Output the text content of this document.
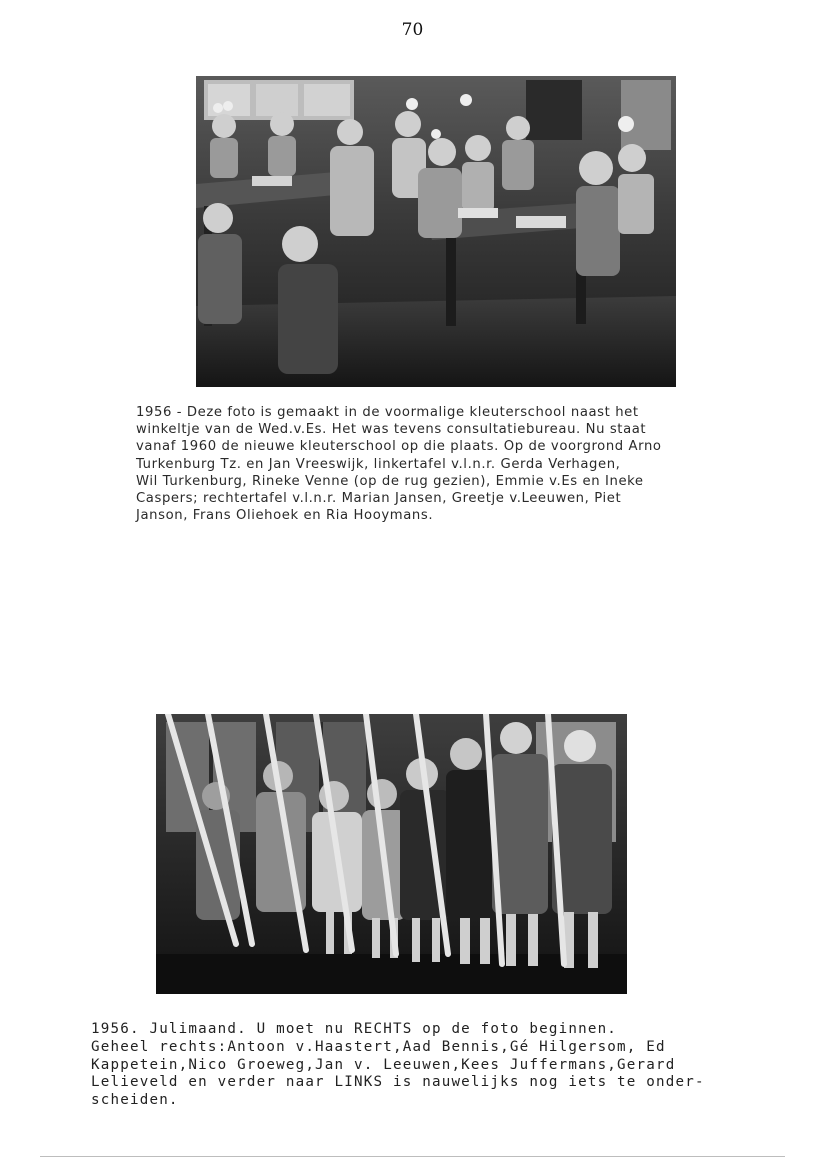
70
1956 - Deze foto is gemaakt in de voormalige kleuterschool naast het
winkeltje van de Wed.v.Es. Het was tevens consultatiebureau. Nu staat
vanaf 1960 de nieuwe kleuterschool op die plaats. Op de voorgrond Arno
Turkenburg Tz. en Jan Vreeswijk, linkertafel v.l.n.r. Gerda Verhagen,
Wil Turkenburg, Rineke Venne (op de rug gezien), Emmie v.Es en Ineke
Caspers; rechtertafel v.l.n.r. Marian Jansen, Greetje v.Leeuwen, Piet
Janson, Frans Oliehoek en Ria Hooymans.
1956. Julimaand. U moet nu RECHTS op de foto beginnen.
Geheel rechts:Antoon v.Haastert,Aad Bennis,Gé Hilgersom, Ed
Kappetein,Nico Groeweg,Jan v. Leeuwen,Kees Juffermans,Gerard
Lelieveld en verder naar LINKS is nauwelijks nog iets te onder-
scheiden.
